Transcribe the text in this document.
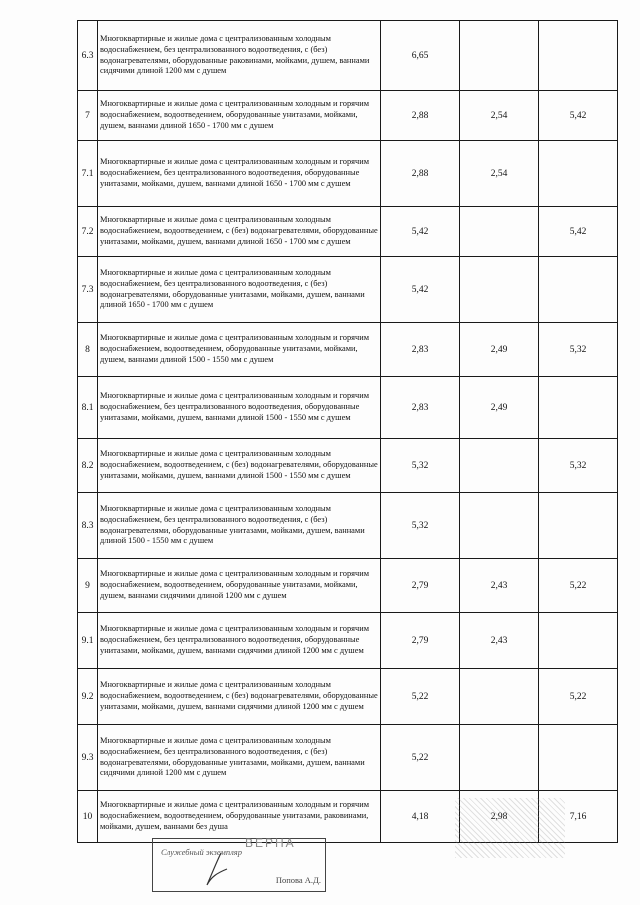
6.3	Многоквартирные и жилые дома с централизованным холодным водоснабжением, без централизованного водоотведения, с (без) водонагревателями, оборудованные раковинами, мойками, душем, ваннами сидячими длиной 1200 мм с душем	6,65		
7	Многоквартирные и жилые дома с централизованным холодным и горячим водоснабжением, водоотведением, оборудованные унитазами, мойками, душем, ваннами длиной 1650 - 1700 мм с душем	2,88	2,54	5,42
7.1	Многоквартирные и жилые дома с централизованным холодным и горячим водоснабжением, без централизованного водоотведения, оборудованные унитазами, мойками, душем, ваннами длиной 1650 - 1700 мм с душем	2,88	2,54	
7.2	Многоквартирные и жилые дома с централизованным холодным водоснабжением, водоотведением, с (без) водонагревателями, оборудованные унитазами, мойками, душем, ваннами длиной 1650 - 1700 мм с душем	5,42		5,42
7.3	Многоквартирные и жилые дома с централизованным холодным водоснабжением, без централизованного водоотведения, с (без) водонагревателями, оборудованные унитазами, мойками, душем, ваннами длиной 1650 - 1700 мм с душем	5,42		
8	Многоквартирные и жилые дома с централизованным холодным и горячим водоснабжением, водоотведением, оборудованные унитазами, мойками, душем, ваннами длиной 1500 - 1550 мм с душем	2,83	2,49	5,32
8.1	Многоквартирные и жилые дома с централизованным холодным и горячим водоснабжением, без централизованного водоотведения, оборудованные унитазами, мойками, душем, ваннами длиной 1500 - 1550 мм с душем	2,83	2,49	
8.2	Многоквартирные и жилые дома с централизованным холодным водоснабжением, водоотведением, с (без) водонагревателями, оборудованные унитазами, мойками, душем, ваннами длиной 1500 - 1550 мм с душем	5,32		5,32
8.3	Многоквартирные и жилые дома с централизованным холодным водоснабжением, без централизованного водоотведения, с (без) водонагревателями, оборудованные унитазами, мойками, душем, ваннами длиной 1500 - 1550 мм с душем	5,32		
9	Многоквартирные и жилые дома с централизованным холодным и горячим водоснабжением, водоотведением, оборудованные унитазами, мойками, душем, ваннами сидячими длиной 1200 мм с душем	2,79	2,43	5,22
9.1	Многоквартирные и жилые дома с централизованным холодным и горячим водоснабжением, без централизованного водоотведения, оборудованные унитазами, мойками, душем, ваннами сидячими длиной 1200 мм с душем	2,79	2,43	
9.2	Многоквартирные и жилые дома с централизованным холодным водоснабжением, водоотведением, с (без) водонагревателями, оборудованные унитазами, мойками, душем, ваннами сидячими длиной 1200 мм с душем	5,22		5,22
9.3	Многоквартирные и жилые дома с централизованным холодным водоснабжением, без централизованного водоотведения, с (без) водонагревателями, оборудованные унитазами, мойками, душем, ваннами сидячими длиной 1200 мм с душем	5,22		
10	Многоквартирные и жилые дома с централизованным холодным и горячим водоснабжением, водоотведением, оборудованные унитазами, раковинами, мойками, душем, ваннами без душа	4,18	2,98	7,16
Служебный экземпляр
Попова А.Д.
ВЕРНА
